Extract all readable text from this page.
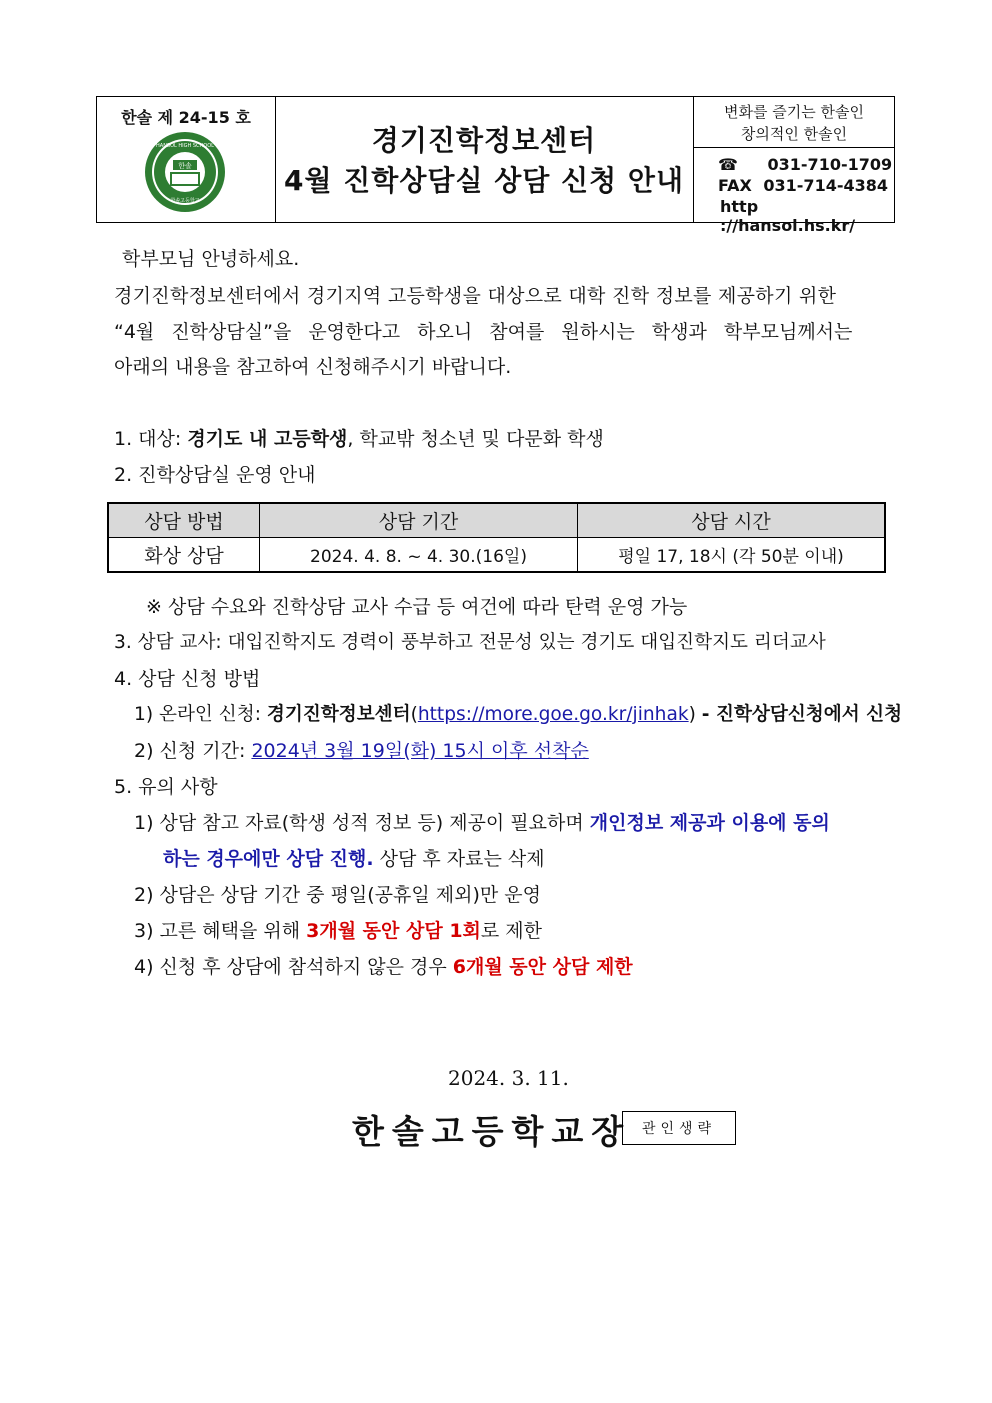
한솔 제 24-15 호
한솔
HANSOL HIGH SCHOOL
한솔고등학교
경기진학정보센터
4월 진학상담실 상담 신청 안내
변화를 즐기는 한솔인
창의적인 한솔인
☎ 031-710-1709
FAX 031-714-4384
http ://hansol.hs.kr/
학부모님 안녕하세요.
경기진학정보센터에서 경기지역 고등학생을 대상으로 대학 진학 정보를 제공하기 위한
“4월 진학상담실”을 운영한다고 하오니 참여를 원하시는 학생과 학부모님께서는
아래의 내용을 참고하여 신청해주시기 바랍니다.
1. 대상: 경기도 내 고등학생, 학교밖 청소년 및 다문화 학생
2. 진학상담실 운영 안내
상담 방법	상담 기간	상담 시간
화상 상담	2024. 4. 8. ~ 4. 30.(16일)	평일 17, 18시 (각 50분 이내)
※ 상담 수요와 진학상담 교사 수급 등 여건에 따라 탄력 운영 가능
3. 상담 교사: 대입진학지도 경력이 풍부하고 전문성 있는 경기도 대입진학지도 리더교사
4. 상담 신청 방법
1) 온라인 신청: 경기진학정보센터(https://more.goe.go.kr/jinhak) - 진학상담신청에서 신청
2) 신청 기간: 2024년 3월 19일(화) 15시 이후 선착순
5. 유의 사항
1) 상담 참고 자료(학생 성적 정보 등) 제공이 필요하며 개인정보 제공과 이용에 동의
하는 경우에만 상담 진행. 상담 후 자료는 삭제
2) 상담은 상담 기간 중 평일(공휴일 제외)만 운영
3) 고른 혜택을 위해 3개월 동안 상담 1회로 제한
4) 신청 후 상담에 참석하지 않은 경우 6개월 동안 상담 제한
2024. 3. 11.
한솔고등학교장 관인생략
